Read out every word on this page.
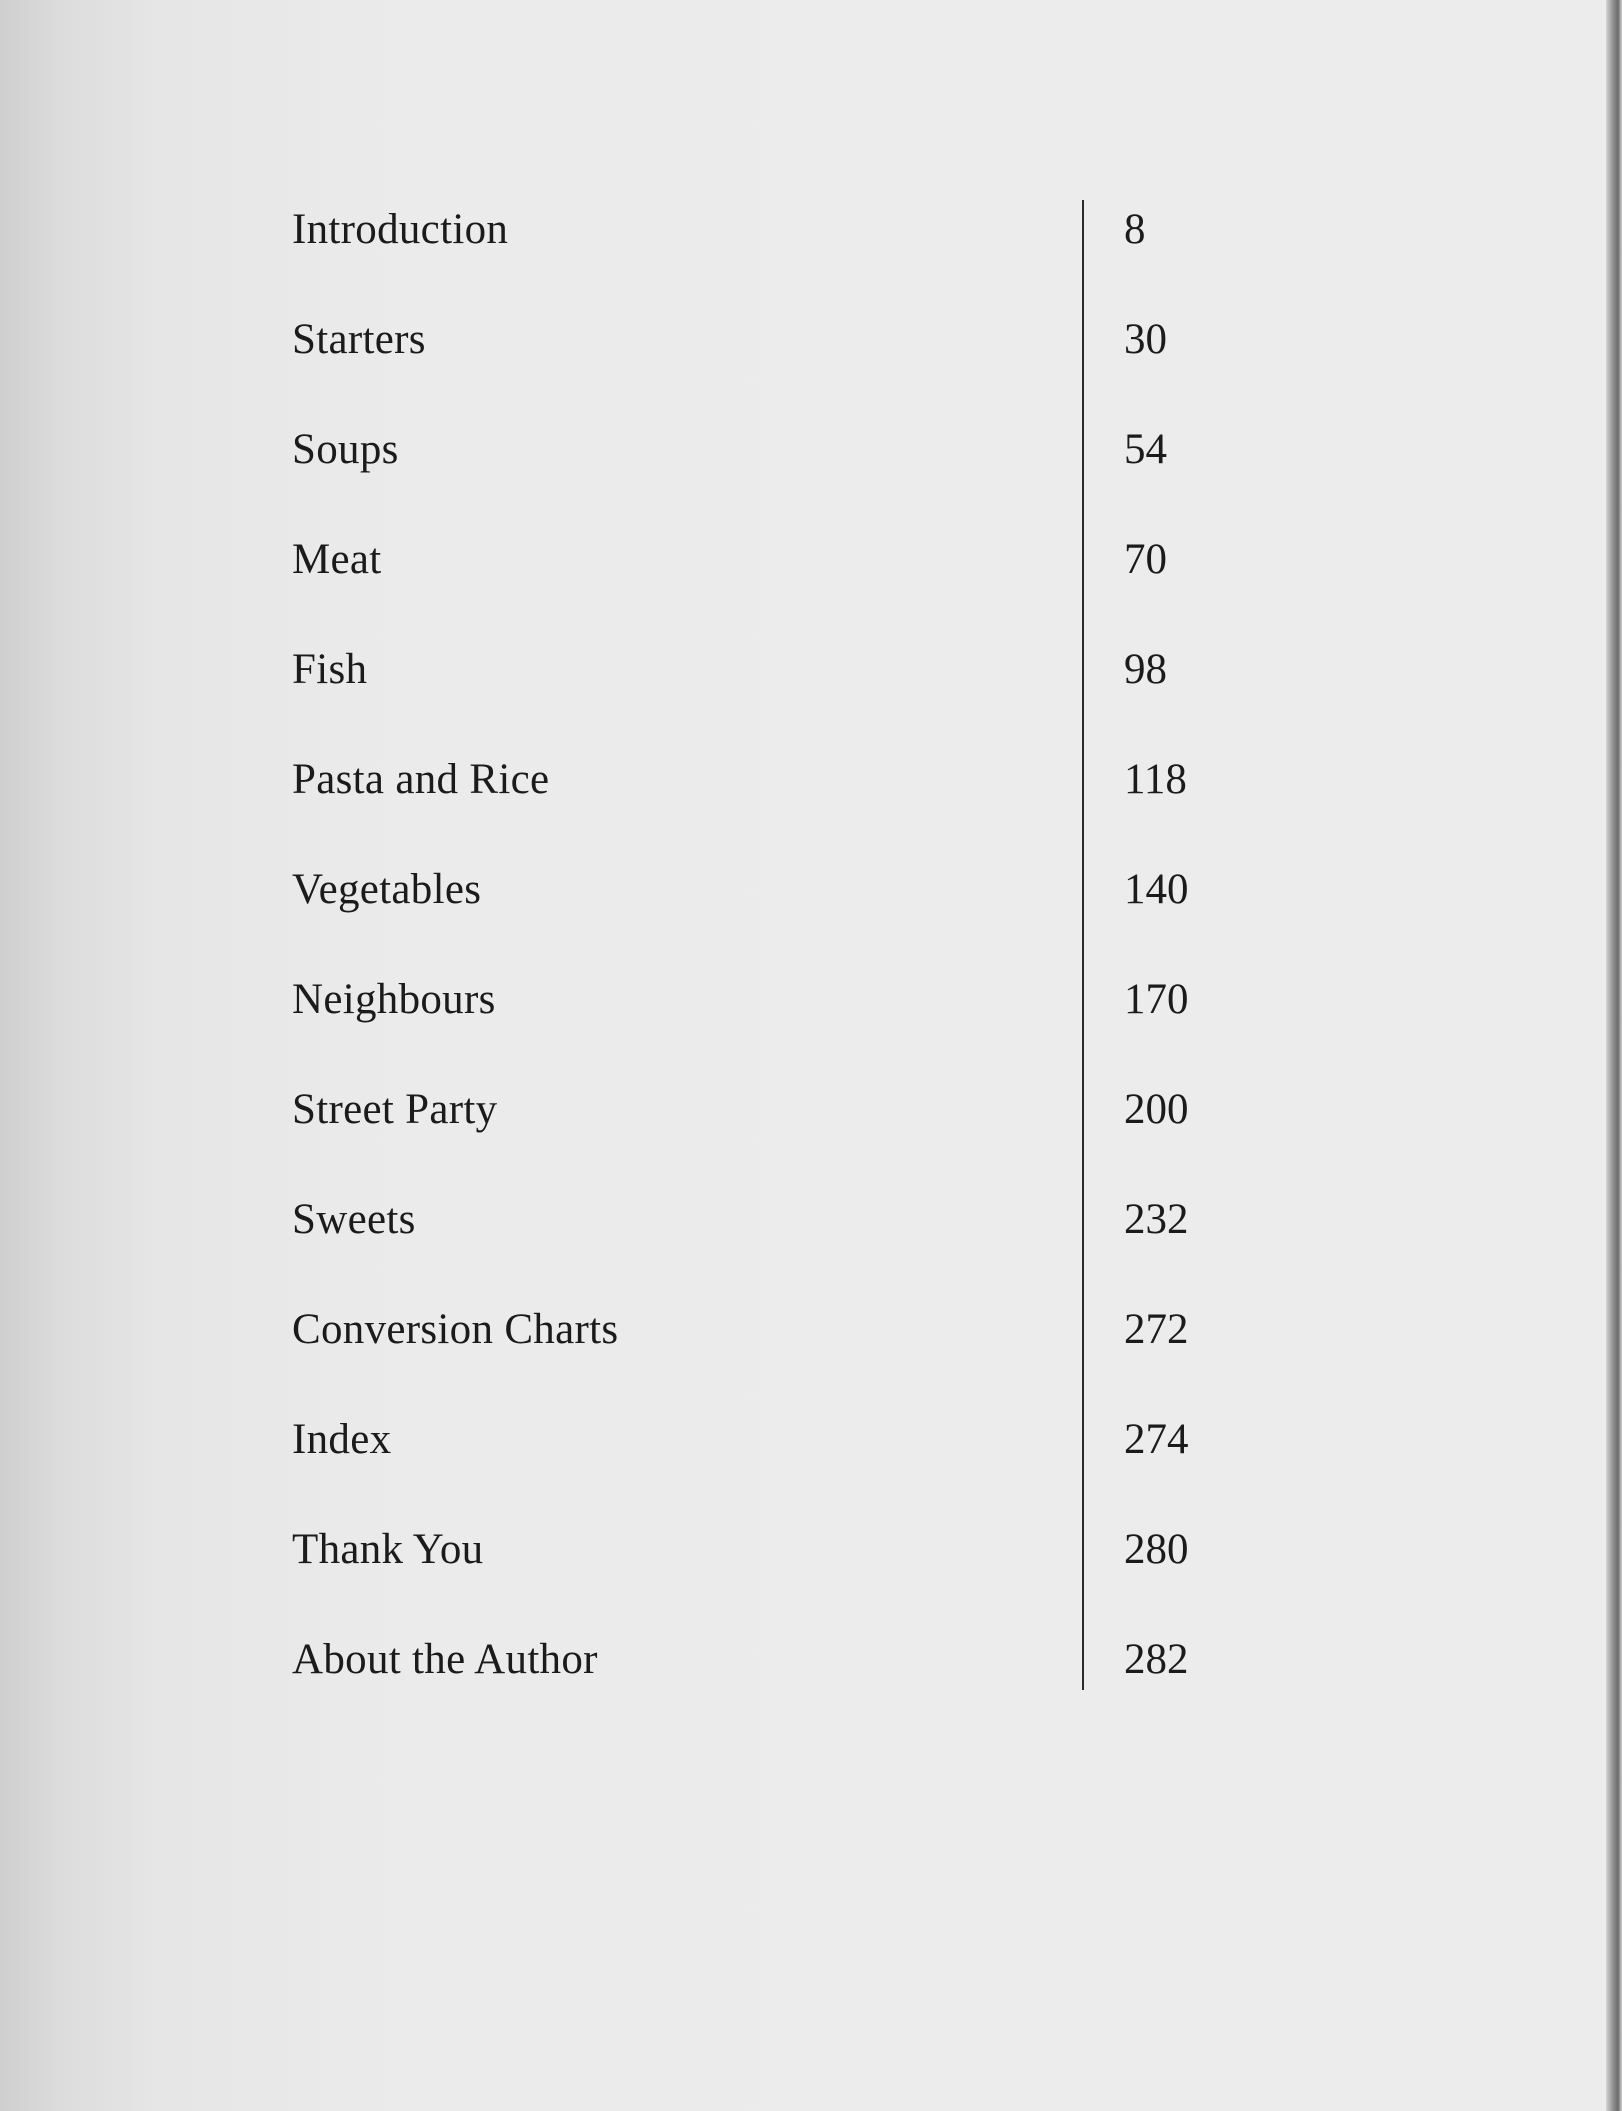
Introduction	8
Starters	30
Soups	54
Meat	70
Fish	98
Pasta and Rice	118
Vegetables	140
Neighbours	170
Street Party	200
Sweets	232
Conversion Charts	272
Index	274
Thank You	280
About the Author	282
